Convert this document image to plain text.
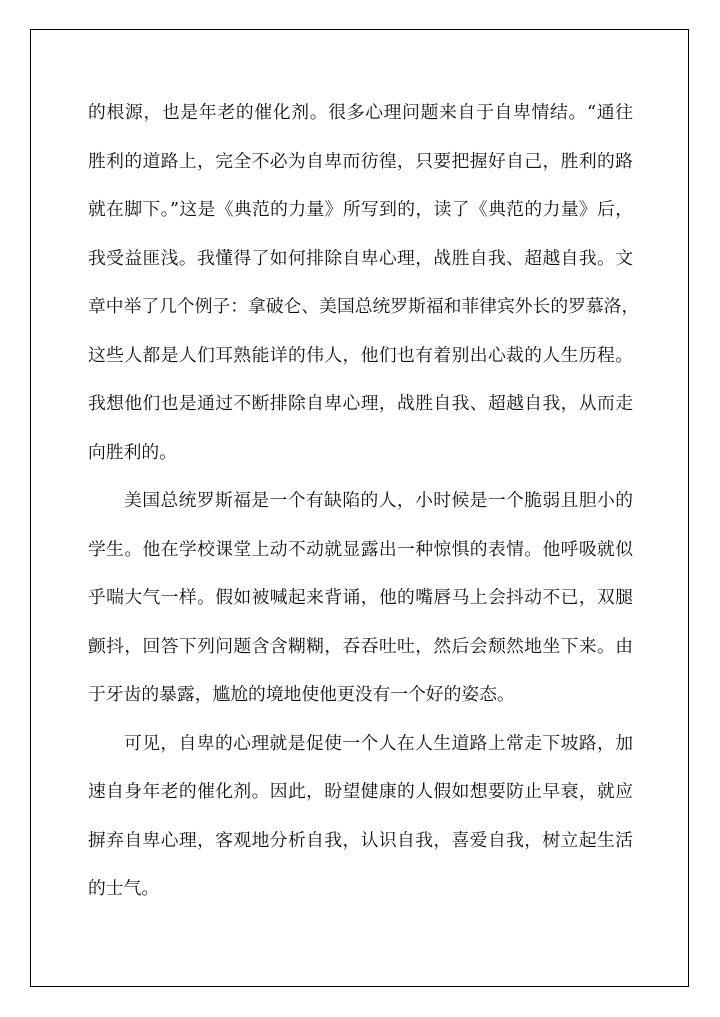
的根源，也是年老的催化剂。很多心理问题来自于自卑情结。“通往
胜利的道路上，完全不必为自卑而彷徨，只要把握好自己，胜利的路
就在脚下。”这是《典范的力量》所写到的，读了《典范的力量》后，
我受益匪浅。我懂得了如何排除自卑心理，战胜自我、超越自我。文
章中举了几个例子：拿破仑、美国总统罗斯福和菲律宾外长的罗慕洛，
这些人都是人们耳熟能详的伟人，他们也有着别出心裁的人生历程。
我想他们也是通过不断排除自卑心理，战胜自我、超越自我，从而走
向胜利的。
美国总统罗斯福是一个有缺陷的人，小时候是一个脆弱且胆小的
学生。他在学校课堂上动不动就显露出一种惊惧的表情。他呼吸就似
乎喘大气一样。假如被喊起来背诵，他的嘴唇马上会抖动不已，双腿
颤抖，回答下列问题含含糊糊，吞吞吐吐，然后会颓然地坐下来。由
于牙齿的暴露，尴尬的境地使他更没有一个好的姿态。
可见，自卑的心理就是促使一个人在人生道路上常走下坡路，加
速自身年老的催化剂。因此，盼望健康的人假如想要防止早衰，就应
摒弃自卑心理，客观地分析自我，认识自我，喜爱自我，树立起生活
的士气。
